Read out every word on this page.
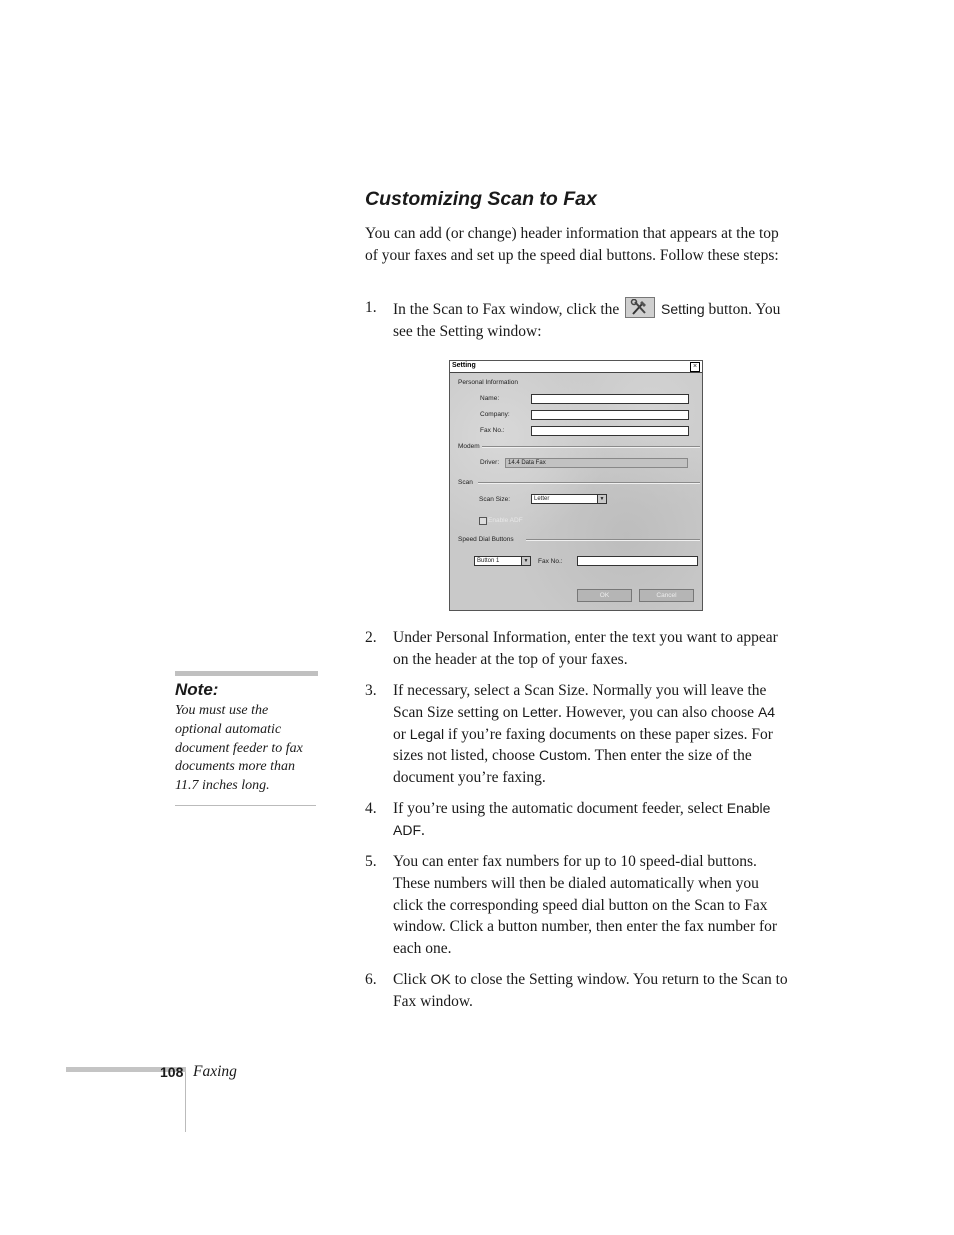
Customizing Scan to Fax

You can add (or change) header information that appears at the top of your faxes and set up the speed dial buttons. Follow these steps:

1.	In the Scan to Fax window, click the	Setting button. You see the Setting window:
Setting	×
Personal Information
Name:
Company:
Fax No.:
Modem
Driver:	14.4 Data Fax
Scan
Scan Size:	Letter	▼
Enable ADF
Speed Dial Buttons
Button 1	▼ Fax No.:
OK	Cancel
2.	Under Personal Information, enter the text you want to appear on the header at the top of your faxes.
3.	If necessary, select a Scan Size. Normally you will leave the Scan Size setting on Letter. However, you can also choose A4 or Legal if you’re faxing documents on these paper sizes. For sizes not listed, choose Custom. Then enter the size of the document you’re faxing.
4.	If you’re using the automatic document feeder, select Enable ADF.
5.	You can enter fax numbers for up to 10 speed-dial buttons. These numbers will then be dialed automatically when you click the corresponding speed dial button on the Scan to Fax window. Click a button number, then enter the fax number for each one.
6.	Click OK to close the Setting window. You return to the Scan to Fax window.
Note:
You must use the optional automatic document feeder to fax documents more than 11.7 inches long.
108 Faxing
